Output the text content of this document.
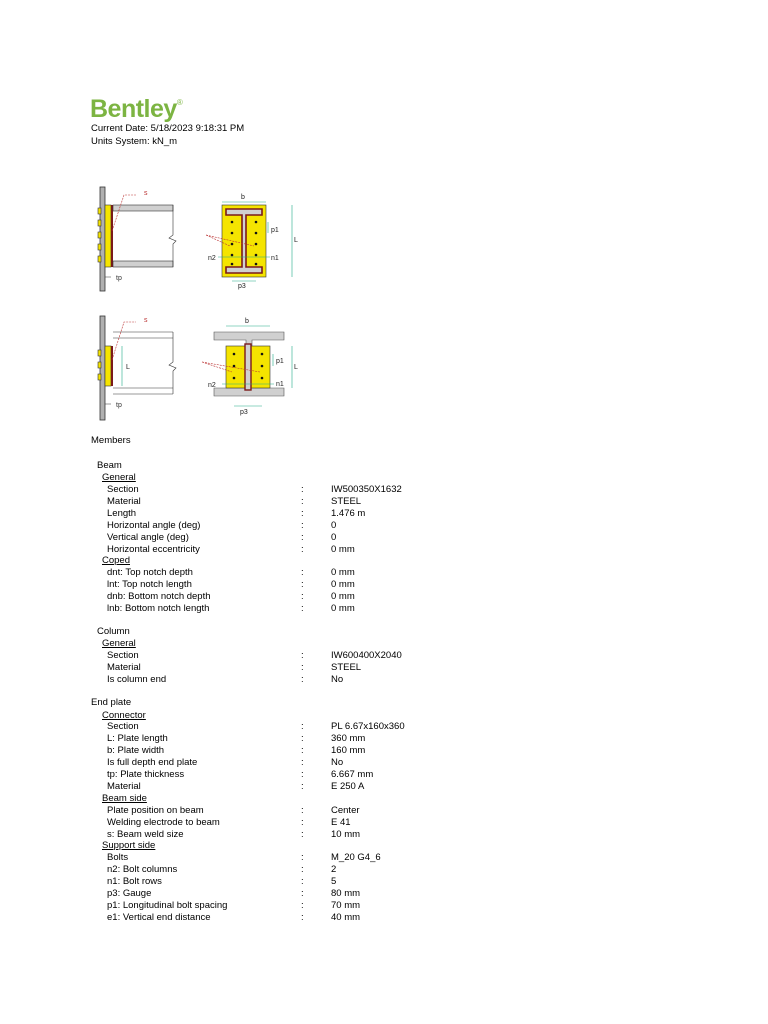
Bentley®
Current Date: 5/18/2023 9:18:31 PM
Units System: kN_m
s
tp
b
p1
L
n1
n2
p3
s
L
tp
b
p1
L
n1
n2
p3
Members
Beam
General
Section	:	IW500350X1632
Material	:	STEEL
Length	:	1.476 m
Horizontal angle (deg)	:	0
Vertical angle (deg)	:	0
Horizontal eccentricity	:	0 mm
Coped
dnt: Top notch depth	:	0 mm
lnt: Top notch length	:	0 mm
dnb: Bottom notch depth	:	0 mm
lnb: Bottom notch length	:	0 mm
Column
General
Section	:	IW600400X2040
Material	:	STEEL
Is column end	:	No
End plate
Connector
Section	:	PL 6.67x160x360
L: Plate length	:	360 mm
b: Plate width	:	160 mm
Is full depth end plate	:	No
tp: Plate thickness	:	6.667 mm
Material	:	E 250 A
Beam side
Plate position on beam	:	Center
Welding electrode to beam	:	E 41
s: Beam weld size	:	10 mm
Support side
Bolts	:	M_20 G4_6
n2: Bolt columns	:	2
n1: Bolt rows	:	5
p3: Gauge	:	80 mm
p1: Longitudinal bolt spacing	:	70 mm
e1: Vertical end distance	:	40 mm
